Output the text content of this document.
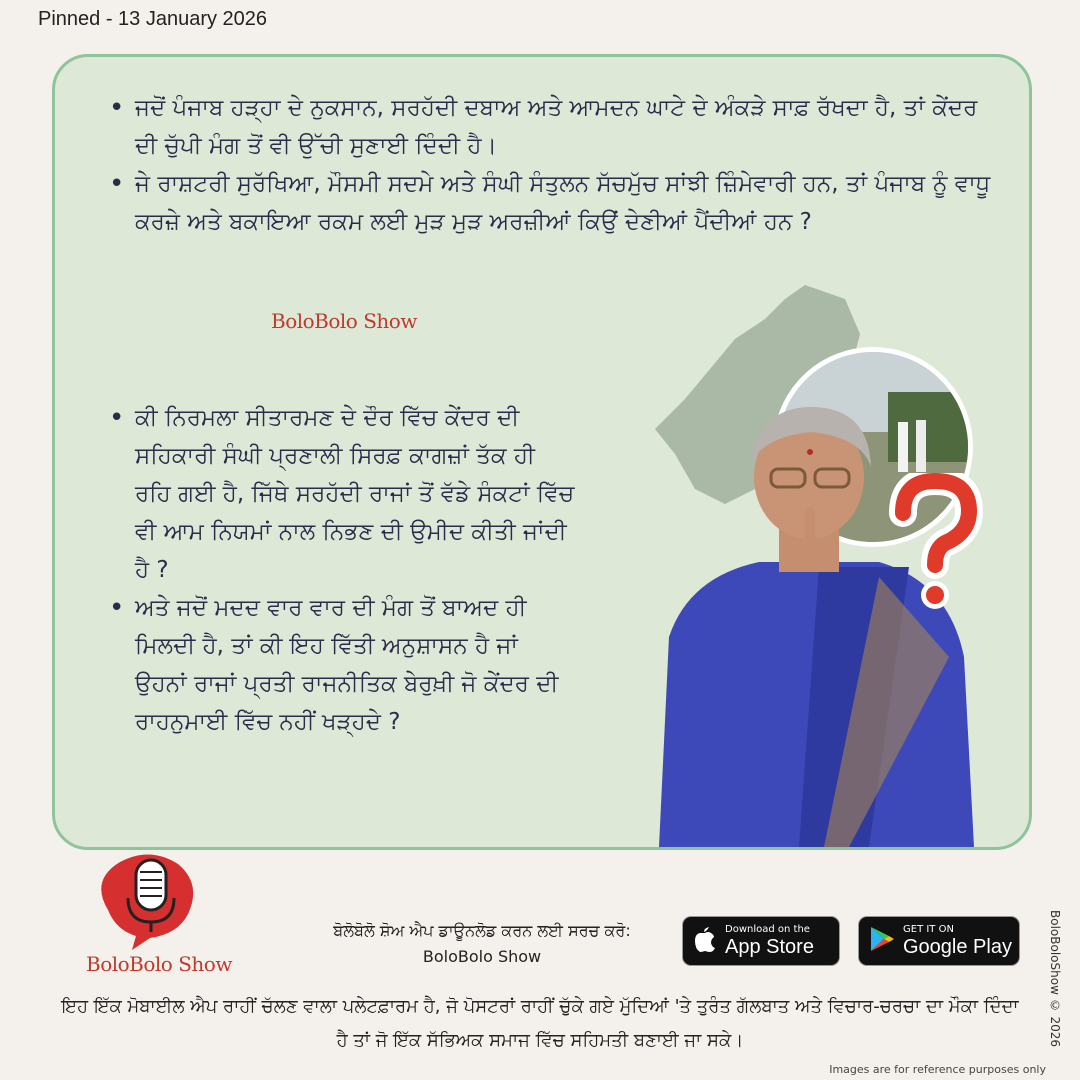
Pinned - 13 January 2026
• ਜਦੋਂ ਪੰਜਾਬ ਹੜ੍ਹਾ ਦੇ ਨੁਕਸਾਨ, ਸਰਹੱਦੀ ਦਬਾਅ ਅਤੇ ਆਮਦਨ ਘਾਟੇ ਦੇ ਅੰਕੜੇ ਸਾਫ਼ ਰੱਖਦਾ ਹੈ, ਤਾਂ ਕੇਂਦਰ ਦੀ ਚੁੱਪੀ ਮੰਗ ਤੋਂ ਵੀ ਉੱਚੀ ਸੁਣਾਈ ਦਿੰਦੀ ਹੈ।
• ਜੇ ਰਾਸ਼ਟਰੀ ਸੁਰੱਖਿਆ, ਮੌਸਮੀ ਸਦਮੇ ਅਤੇ ਸੰਘੀ ਸੰਤੁਲਨ ਸੱਚਮੁੱਚ ਸਾਂਝੀ ਜ਼ਿੰਮੇਵਾਰੀ ਹਨ, ਤਾਂ ਪੰਜਾਬ ਨੂੰ ਵਾਧੂ ਕਰਜ਼ੇ ਅਤੇ ਬਕਾਇਆ ਰਕਮ ਲਈ ਮੁੜ ਮੁੜ ਅਰਜ਼ੀਆਂ ਕਿਉਂ ਦੇਣੀਆਂ ਪੈਂਦੀਆਂ ਹਨ ?
BoloBolo Show
• ਕੀ ਨਿਰਮਲਾ ਸੀਤਾਰਮਣ ਦੇ ਦੌਰ ਵਿੱਚ ਕੇਂਦਰ ਦੀ ਸਹਿਕਾਰੀ ਸੰਘੀ ਪ੍ਰਣਾਲੀ ਸਿਰਫ਼ ਕਾਗਜ਼ਾਂ ਤੱਕ ਹੀ ਰਹਿ ਗਈ ਹੈ, ਜਿੱਥੇ ਸਰਹੱਦੀ ਰਾਜਾਂ ਤੋਂ ਵੱਡੇ ਸੰਕਟਾਂ ਵਿੱਚ ਵੀ ਆਮ ਨਿਯਮਾਂ ਨਾਲ ਨਿਭਣ ਦੀ ਉਮੀਦ ਕੀਤੀ ਜਾਂਦੀ ਹੈ ?
• ਅਤੇ ਜਦੋਂ ਮਦਦ ਵਾਰ ਵਾਰ ਦੀ ਮੰਗ ਤੋਂ ਬਾਅਦ ਹੀ ਮਿਲਦੀ ਹੈ, ਤਾਂ ਕੀ ਇਹ ਵਿੱਤੀ ਅਨੁਸ਼ਾਸਨ ਹੈ ਜਾਂ ਉਹਨਾਂ ਰਾਜਾਂ ਪ੍ਰਤੀ ਰਾਜਨੀਤਿਕ ਬੇਰੁਖ਼ੀ ਜੋ ਕੇਂਦਰ ਦੀ ਰਾਹਨੁਮਾਈ ਵਿੱਚ ਨਹੀਂ ਖੜ੍ਹਦੇ ?
BoloBolo Show
ਬੋਲੋਬੋਲੋ ਸ਼ੋਅ ਐਪ ਡਾਊਨਲੋਡ ਕਰਨ ਲਈ ਸਰਚ ਕਰੋ:
BoloBolo Show
Download on the
App Store
GET IT ON
Google Play
ਇਹ ਇੱਕ ਮੋਬਾਈਲ ਐਪ ਰਾਹੀਂ ਚੱਲਣ ਵਾਲਾ ਪਲੇਟਫ਼ਾਰਮ ਹੈ, ਜੋ ਪੋਸਟਰਾਂ ਰਾਹੀਂ ਚੁੱਕੇ ਗਏ ਮੁੱਦਿਆਂ 'ਤੇ ਤੁਰੰਤ ਗੱਲਬਾਤ ਅਤੇ ਵਿਚਾਰ-ਚਰਚਾ ਦਾ ਮੌਕਾ ਦਿੰਦਾ ਹੈ ਤਾਂ ਜੋ ਇੱਕ ਸੱਭਿਅਕ ਸਮਾਜ ਵਿੱਚ ਸਹਿਮਤੀ ਬਣਾਈ ਜਾ ਸਕੇ।	BoloBoloShow © 2026
Images are for reference purposes only
